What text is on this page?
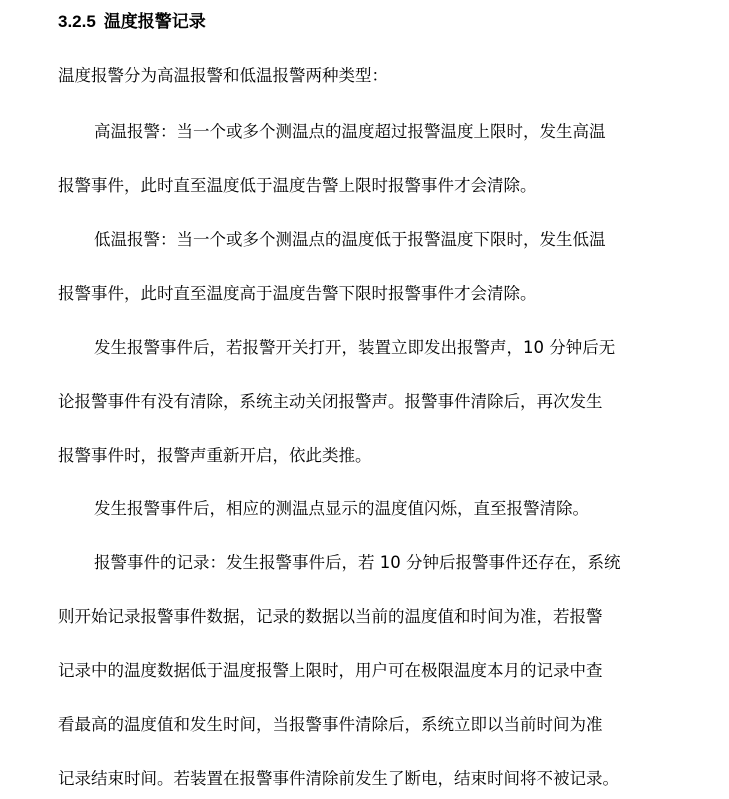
3.2.5 温度报警记录
温度报警分为高温报警和低温报警两种类型：
高温报警：当一个或多个测温点的温度超过报警温度上限时，发生高温
报警事件，此时直至温度低于温度告警上限时报警事件才会清除。
低温报警：当一个或多个测温点的温度低于报警温度下限时，发生低温
报警事件，此时直至温度高于温度告警下限时报警事件才会清除。
发生报警事件后，若报警开关打开，装置立即发出报警声，10 分钟后无
论报警事件有没有清除，系统主动关闭报警声。报警事件清除后，再次发生
报警事件时，报警声重新开启，依此类推。
发生报警事件后，相应的测温点显示的温度值闪烁，直至报警清除。
报警事件的记录：发生报警事件后，若 10 分钟后报警事件还存在，系统
则开始记录报警事件数据，记录的数据以当前的温度值和时间为准，若报警
记录中的温度数据低于温度报警上限时，用户可在极限温度本月的记录中查
看最高的温度值和发生时间，当报警事件清除后，系统立即以当前时间为准
记录结束时间。若装置在报警事件清除前发生了断电，结束时间将不被记录。
